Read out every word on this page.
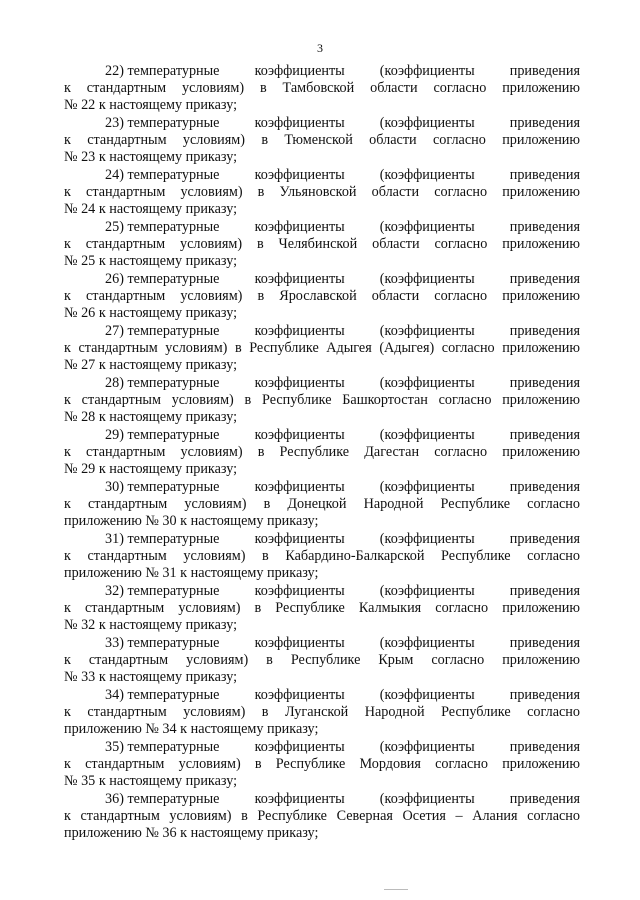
3
22) температурные коэффициенты (коэффициенты приведения
к стандартным условиям) в Тамбовской области согласно приложению
№ 22 к настоящему приказу;
23) температурные коэффициенты (коэффициенты приведения
к стандартным условиям) в Тюменской области согласно приложению
№ 23 к настоящему приказу;
24) температурные коэффициенты (коэффициенты приведения
к стандартным условиям) в Ульяновской области согласно приложению
№ 24 к настоящему приказу;
25) температурные коэффициенты (коэффициенты приведения
к стандартным условиям) в Челябинской области согласно приложению
№ 25 к настоящему приказу;
26) температурные коэффициенты (коэффициенты приведения
к стандартным условиям) в Ярославской области согласно приложению
№ 26 к настоящему приказу;
27) температурные коэффициенты (коэффициенты приведения
к стандартным условиям) в Республике Адыгея (Адыгея) согласно приложению
№ 27 к настоящему приказу;
28) температурные коэффициенты (коэффициенты приведения
к стандартным условиям) в Республике Башкортостан согласно приложению
№ 28 к настоящему приказу;
29) температурные коэффициенты (коэффициенты приведения
к стандартным условиям) в Республике Дагестан согласно приложению
№ 29 к настоящему приказу;
30) температурные коэффициенты (коэффициенты приведения
к стандартным условиям) в Донецкой Народной Республике согласно
приложению № 30 к настоящему приказу;
31) температурные коэффициенты (коэффициенты приведения
к стандартным условиям) в Кабардино-Балкарской Республике согласно
приложению № 31 к настоящему приказу;
32) температурные коэффициенты (коэффициенты приведения
к стандартным условиям) в Республике Калмыкия согласно приложению
№ 32 к настоящему приказу;
33) температурные коэффициенты (коэффициенты приведения
к стандартным условиям) в Республике Крым согласно приложению
№ 33 к настоящему приказу;
34) температурные коэффициенты (коэффициенты приведения
к стандартным условиям) в Луганской Народной Республике согласно
приложению № 34 к настоящему приказу;
35) температурные коэффициенты (коэффициенты приведения
к стандартным условиям) в Республике Мордовия согласно приложению
№ 35 к настоящему приказу;
36) температурные коэффициенты (коэффициенты приведения
к стандартным условиям) в Республике Северная Осетия – Алания согласно
приложению № 36 к настоящему приказу;
